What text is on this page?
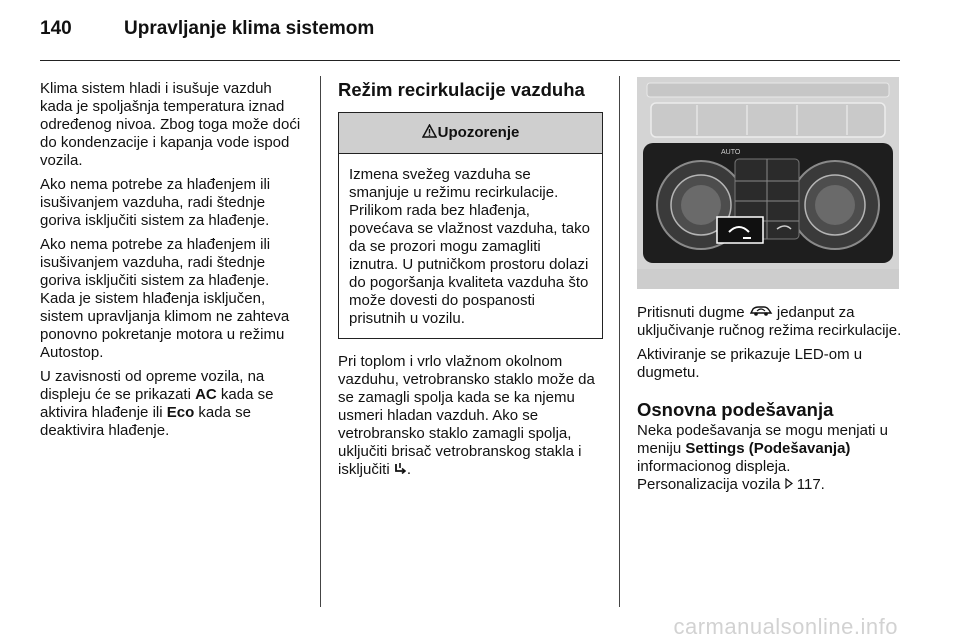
140	Upravljanje klima sistemom

Klima sistem hladi i isušuje vazduh kada je spoljašnja temperatura iznad određenog nivoa. Zbog toga može doći do kondenzacije i kapanja vode ispod vozila.

Ako nema potrebe za hlađenjem ili isušivanjem vazduha, radi štednje goriva isključiti sistem za hlađenje.

Ako nema potrebe za hlađenjem ili isušivanjem vazduha, radi štednje goriva isključiti sistem za hlađenje. Kada je sistem hlađenja isključen, sistem upravljanja klimom ne zahteva ponovno pokretanje motora u režimu Autostop.

U zavisnosti od opreme vozila, na displeju će se prikazati AC kada se aktivira hlađenje ili Eco kada se deaktivira hlađenje.

Režim recirkulacije vazduha
Upozorenje
Izmena svežeg vazduha se smanjuje u režimu recirkulacije. Prilikom rada bez hlađenja, povećava se vlažnost vazduha, tako da se prozori mogu zamagliti iznutra. U putničkom prostoru dolazi do pogoršanja kvaliteta vazduha što može dovesti do pospanosti prisutnih u vozilu.

Pri toplom i vrlo vlažnom okolnom vazduhu, vetrobransko staklo može da se zamagli spolja kada se ka njemu usmeri hladan vazduh. Ako se vetrobransko staklo zamagli spolja, uključiti brisač vetrobranskog stakla i isključiti .

AUTO

Pritisnuti dugme  jedanput za uključivanje ručnog režima recirkulacije.

Aktiviranje se prikazuje LED-om u dugmetu.

Osnovna podešavanja

Neka podešavanja se mogu menjati u meniju Settings (Podešavanja) informacionog displeja.

Personalizacija vozila  117.

carmanualsonline.info
